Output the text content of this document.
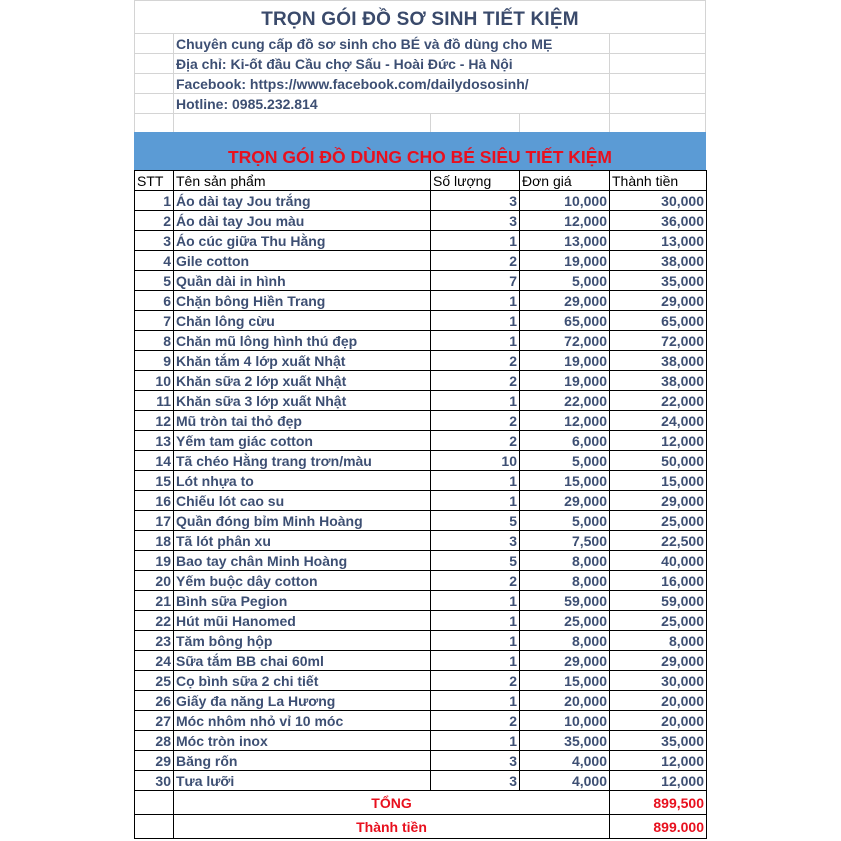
TRỌN GÓI ĐỒ SƠ SINH TIẾT KIỆM
Chuyên cung cấp đồ sơ sinh cho BÉ và đồ dùng cho MẸ
Địa chỉ: Ki-ốt đầu Cầu chợ Sấu - Hoài Đức - Hà Nội
Facebook: https://www.facebook.com/dailydososinh/
Hotline: 0985.232.814
TRỌN GÓI ĐỒ DÙNG CHO BÉ SIÊU TIẾT KIỆM
STT	Tên sản phẩm	Số lượng	Đơn giá	Thành tiền
1	Áo dài tay Jou trắng	3	10,000	30,000
2	Áo dài tay Jou màu	3	12,000	36,000
3	Áo cúc giữa Thu Hằng	1	13,000	13,000
4	Gile cotton	2	19,000	38,000
5	Quần dài in hình	7	5,000	35,000
6	Chặn bông Hiền Trang	1	29,000	29,000
7	Chăn lông cừu	1	65,000	65,000
8	Chăn mũ lông hình thú đẹp	1	72,000	72,000
9	Khăn tắm 4 lớp xuất Nhật	2	19,000	38,000
10	Khăn sữa 2 lớp xuất Nhật	2	19,000	38,000
11	Khăn sữa 3 lớp xuất Nhật	1	22,000	22,000
12	Mũ tròn tai thỏ đẹp	2	12,000	24,000
13	Yếm tam giác cotton	2	6,000	12,000
14	Tã chéo Hằng trang trơn/màu	10	5,000	50,000
15	Lót nhựa to	1	15,000	15,000
16	Chiếu lót cao su	1	29,000	29,000
17	Quần đóng bỉm Minh Hoàng	5	5,000	25,000
18	Tã lót phân xu	3	7,500	22,500
19	Bao tay chân Minh Hoàng	5	8,000	40,000
20	Yếm buộc dây cotton	2	8,000	16,000
21	Bình sữa Pegion	1	59,000	59,000
22	Hút mũi Hanomed	1	25,000	25,000
23	Tăm bông hộp	1	8,000	8,000
24	Sữa tắm BB chai 60ml	1	29,000	29,000
25	Cọ bình sữa 2 chi tiết	2	15,000	30,000
26	Giấy đa năng La Hương	1	20,000	20,000
27	Móc nhôm nhỏ vỉ 10 móc	2	10,000	20,000
28	Móc tròn inox	1	35,000	35,000
29	Băng rốn	3	4,000	12,000
30	Tưa lưỡi	3	4,000	12,000
	TỔNG			899,500
	Thành tiền			899.000
